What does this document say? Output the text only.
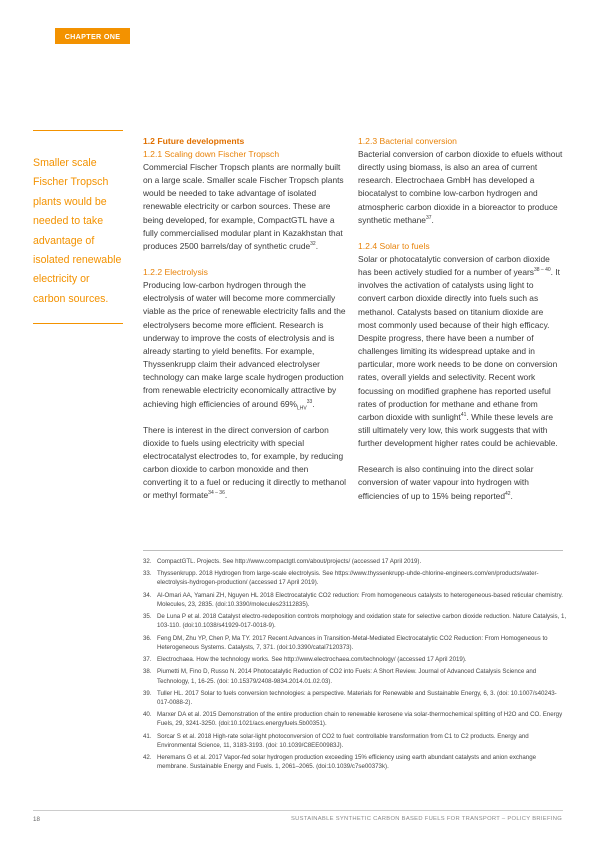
CHAPTER ONE
Smaller scale
Fischer Tropsch
plants would be
needed to take
advantage of
isolated renewable
electricity or
carbon sources.
1.2 Future developments
1.2.1 Scaling down Fischer Tropsch

Commercial Fischer Tropsch plants are normally built on a large scale. Smaller scale Fischer Tropsch plants would be needed to take advantage of isolated renewable electricity or carbon sources. These are being developed, for example, CompactGTL have a fully commercialised modular plant in Kazakhstan that produces 2500 barrels/day of synthetic crude$^{32}$.

1.2.2 Electrolysis

Producing low-carbon hydrogen through the electrolysis of water will become more commercially viable as the price of renewable electricity falls and the electrolysers become more efficient. Research is underway to improve the costs of electrolysis and is already starting to yield benefits. For example, Thyssenkrupp claim their advanced electrolyser technology can make large scale hydrogen production from renewable electricity economically attractive by achieving high efficiencies of around $69\%_{LHV}^{33}$.

There is interest in the direct conversion of carbon dioxide to fuels using electricity with special electrocatalyst electrodes to, for example, by reducing carbon dioxide to carbon monoxide and then converting it to a fuel or reducing it directly to methanol or methyl formate$^{34 - 36}$.

1.2.3 Bacterial conversion

Bacterial conversion of carbon dioxide to efuels without directly using biomass, is also an area of current research. Electrochaea GmbH has developed a biocatalyst to combine low-carbon hydrogen and atmospheric carbon dioxide in a bioreactor to produce synthetic methane$^{37}$.

1.2.4 Solar to fuels

Solar or photocatalytic conversion of carbon dioxide has been actively studied for a number of years$^{38 - 40}$. It involves the activation of catalysts using light to convert carbon dioxide directly into fuels such as methanol. Catalysts based on titanium dioxide are most commonly used because of their high efficacy. Despite progress, there have been a number of challenges limiting its widespread uptake and in particular, more work needs to be done on conversion rates, overall yields and selectivity. Recent work focussing on modified graphene has reported useful rates of production for methane and ethane from carbon dioxide with sunlight$^{41}$. While these levels are still ultimately very low, this work suggests that with further development higher rates could be achievable.

Research is also continuing into the direct solar conversion of water vapour into hydrogen with efficiencies of up to 15% being reported$^{42}$.

32. CompactGTL. Projects. See http://www.compactgtl.com/about/projects/ (accessed 17 April 2019).
33. Thyssenkrupp. 2018 Hydrogen from large-scale electrolysis. See https://www.thyssenkrupp-uhde-chlorine-engineers.com/en/products/water-electrolysis-hydrogen-production/ (accessed 17 April 2019).
34. Al-Omari AA, Yamani ZH, Nguyen HL 2018 Electrocatalytic CO2 reduction: From homogeneous catalysts to heterogeneous-based reticular chemistry. Molecules, 23, 2835. (doi:10.3390/molecules23112835).
35. De Luna P et al. 2018 Catalyst electro-redeposition controls morphology and oxidation state for selective carbon dioxide reduction. Nature Catalysis, 1, 103-110. (doi:10.1038/s41929-017-0018-9).
36. Feng DM, Zhu YP, Chen P, Ma TY. 2017 Recent Advances in Transition-Metal-Mediated Electrocatalytic CO2 Reduction: From Homogeneous to Heterogeneous Systems. Catalysts, 7, 371. (doi:10.3390/catal7120373).
37. Electrochaea. How the technology works. See http://www.electrochaea.com/technology/ (accessed 17 April 2019).
38. Piumetti M, Fino D, Russo N. 2014 Photocatalytic Reduction of CO2 into Fuels: A Short Review. Journal of Advanced Catalysis Science and Technology, 1, 16-25. (doi: 10.15379/2408-9834.2014.01.02.03).
39. Tuller HL. 2017 Solar to fuels conversion technologies: a perspective. Materials for Renewable and Sustainable Energy, 6, 3. (doi: 10.1007/s40243-017-0088-2).
40. Marxer DA et al. 2015 Demonstration of the entire production chain to renewable kerosene via solar-thermochemical splitting of H2O and CO. Energy Fuels, 29, 3241-3250. (doi:10.1021/acs.energyfuels.5b00351).
41. Sorcar S et al. 2018 High-rate solar-light photoconversion of CO2 to fuel: controllable transformation from C1 to C2 products. Energy and Environmental Science, 11, 3183-3193. (doi: 10.1039/C8EE00983J).
42. Heremans G et al. 2017 Vapor-fed solar hydrogen production exceeding 15% efficiency using earth abundant catalysts and anion exchange membrane. Sustainable Energy and Fuels. 1, 2061–2065. (doi:10.1039/c7se00373k).
18	SUSTAINABLE SYNTHETIC CARBON BASED FUELS FOR TRANSPORT – POLICY BRIEFING
